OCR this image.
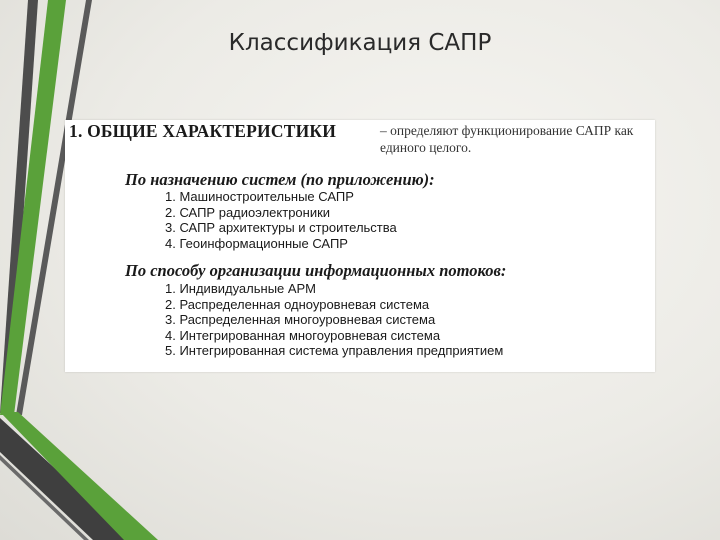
Классификация САПР
1. ОБЩИЕ ХАРАКТЕРИСТИКИ	– определяют функционирование САПР как единого целого.
По назначению систем (по приложению):
1. Машиностроительные САПР
2. САПР радиоэлектроники
3. САПР архитектуры и строительства
4. Геоинформационные САПР
По способу организации информационных потоков:
1. Индивидуальные АРМ
2. Распределенная одноуровневая система
3. Распределенная многоуровневая система
4. Интегрированная многоуровневая система
5. Интегрированная система управления предприятием
